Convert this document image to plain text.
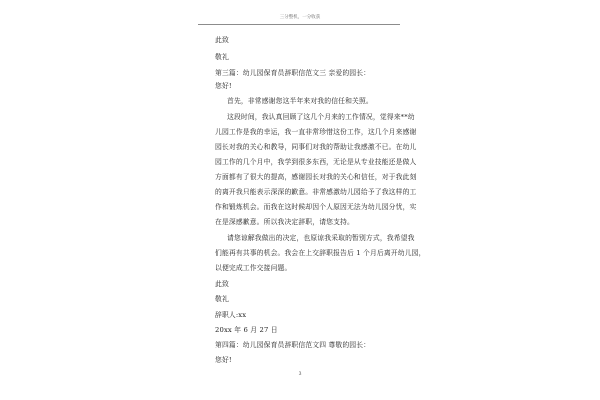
三分整机，一分收获
此致
敬礼
第三篇：幼儿园保育员辞职信范文三 亲爱的园长：
您好!
首先，非常感谢您这半年来对我的信任和关照。
这段时间，我认真回顾了这几个月来的工作情况，觉得来**幼
儿园工作是我的幸运，我一直非常珍惜这份工作，这几个月来感谢
园长对我的关心和教导，同事们对我的帮助让我感激不已。在幼儿
园工作的几个月中，我学到很多东西，无论是从专业技能还是做人
方面都有了很大的提高，感谢园长对我的关心和信任，对于我此刻
的离开我只能表示深深的歉意。非常感激幼儿园给予了我这样的工
作和锻炼机会。而我在这时候却因个人原因无法为幼儿园分忧，实
在是深感歉意。所以我决定辞职，请您支持。
请您谅解我做出的决定，也原谅我采取的暂别方式，我希望我
们能再有共事的机会。我会在上交辞职报告后 1 个月后离开幼儿园，
以便完成工作交接问题。
此致
敬礼
辞职人:xx
20xx 年 6 月 27 日
第四篇：幼儿园保育员辞职信范文四 尊敬的园长：
您好!
3
